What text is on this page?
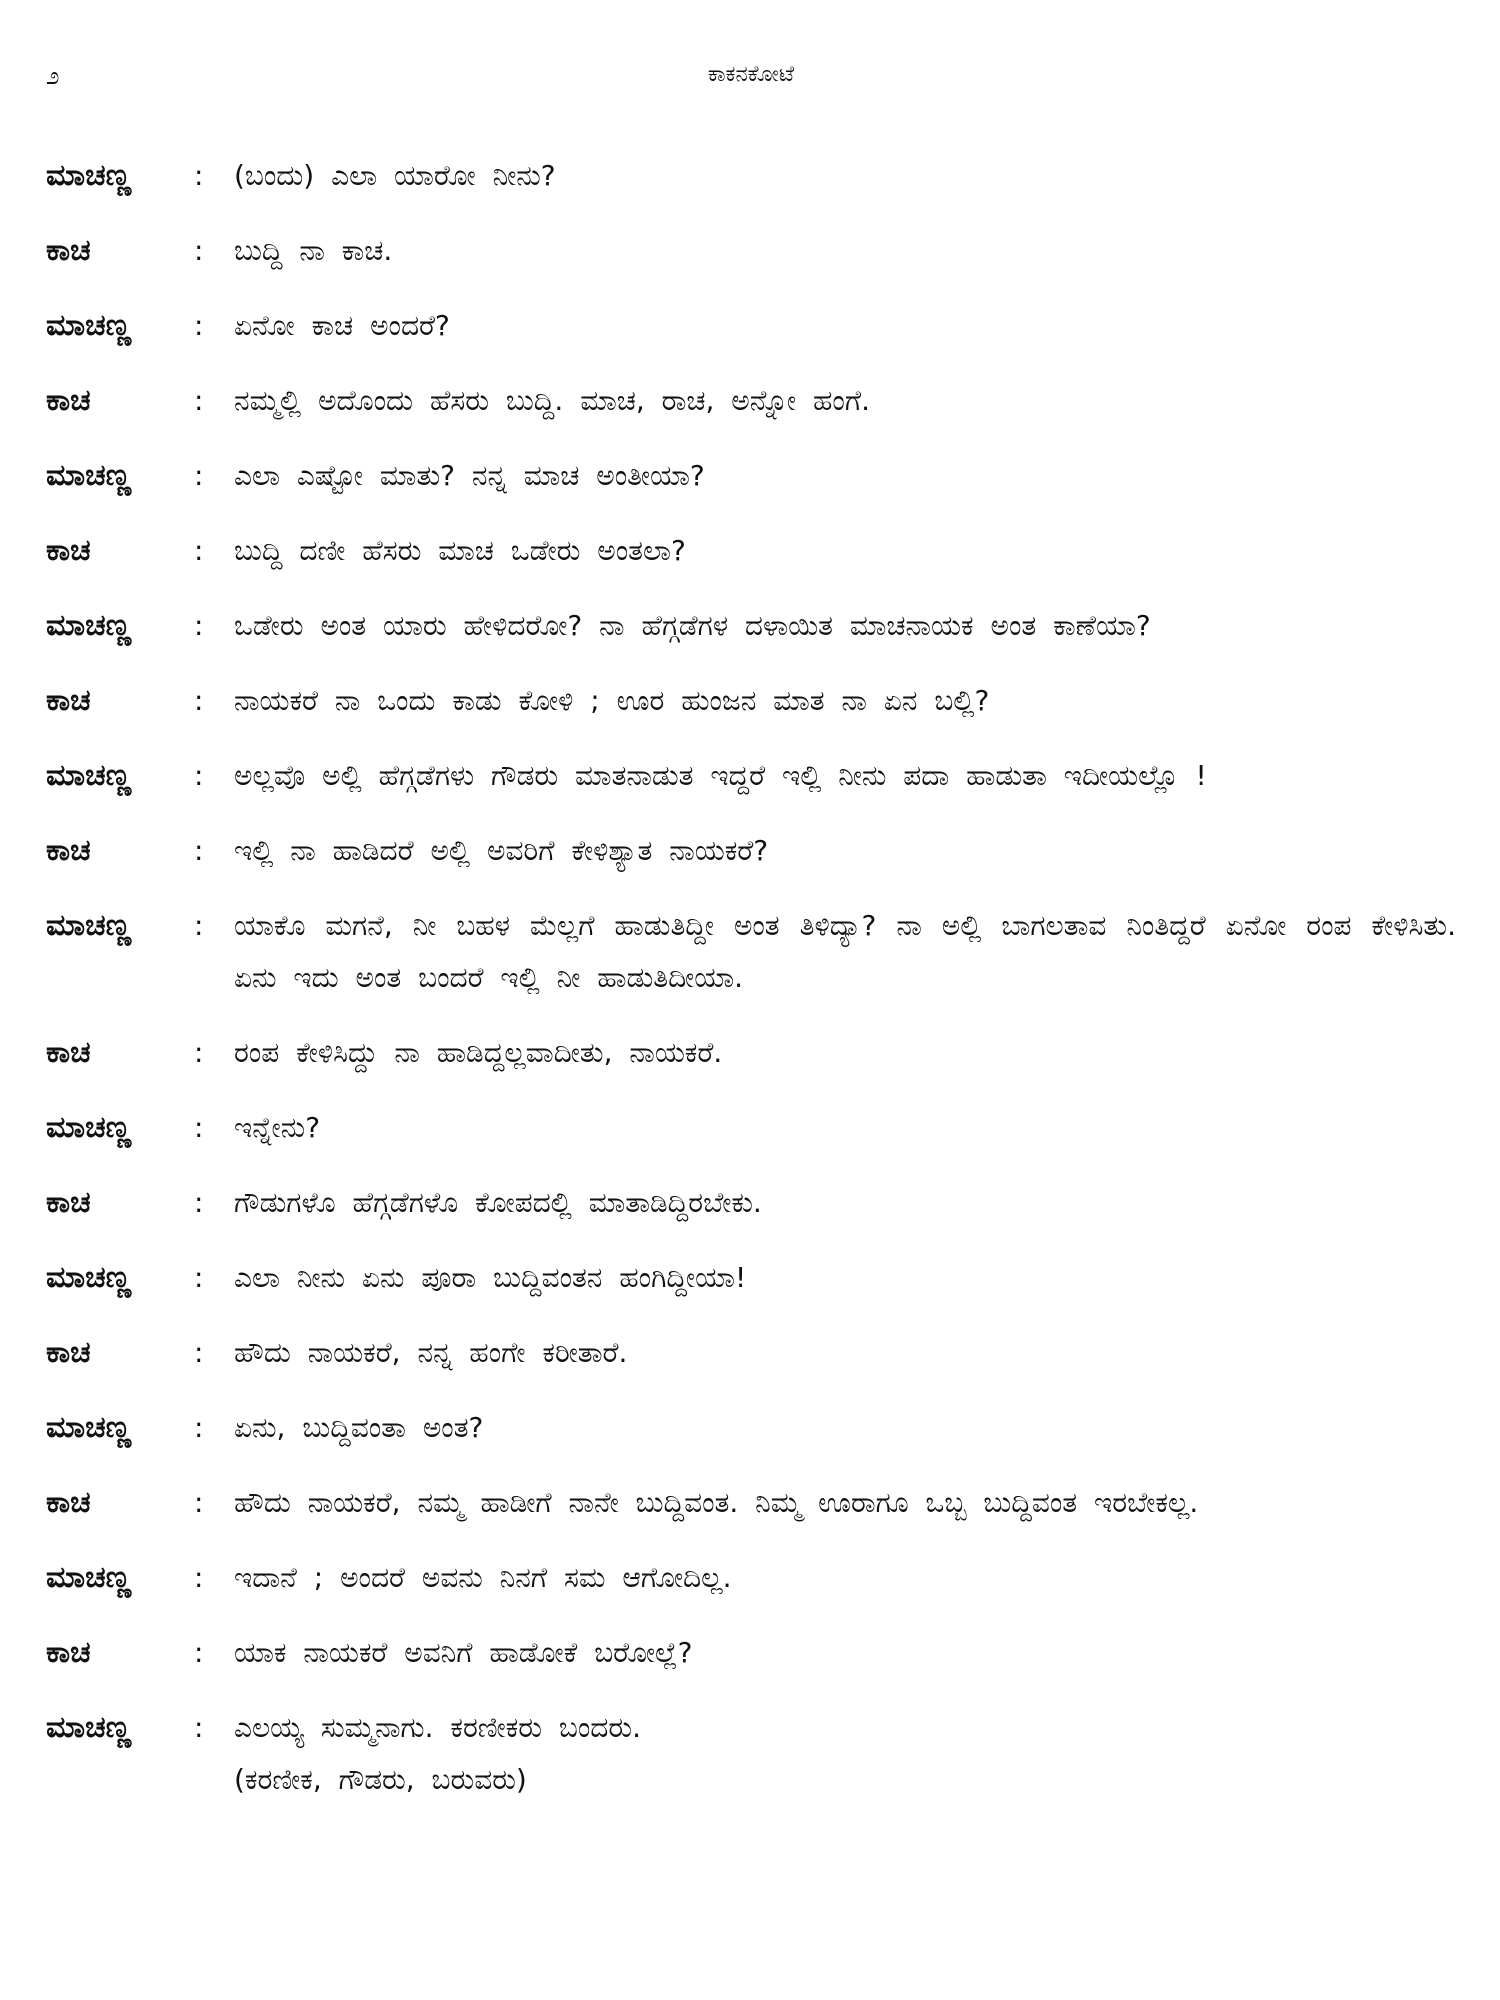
೨	ಕಾಕನಕೋಟೆ
ಮಾಚಣ್ಣ	:	(ಬಂದು) ಎಲಾ ಯಾರೋ ನೀನು?
ಕಾಚ	:	ಬುದ್ದಿ ನಾ ಕಾಚ.
ಮಾಚಣ್ಣ	:	ಏನೋ ಕಾಚ ಅಂದರೆ?
ಕಾಚ	:	ನಮ್ಮಲ್ಲಿ ಅದೊಂದು ಹೆಸರು ಬುದ್ದಿ. ಮಾಚ, ರಾಚ, ಅನ್ನೋ ಹಂಗೆ.
ಮಾಚಣ್ಣ	:	ಎಲಾ ಎಷ್ಟೋ ಮಾತು? ನನ್ನ ಮಾಚ ಅಂತೀಯಾ?
ಕಾಚ	:	ಬುದ್ದಿ ದಣೀ ಹೆಸರು ಮಾಚ ಒಡೇರು ಅಂತಲಾ?
ಮಾಚಣ್ಣ	:	ಒಡೇರು ಅಂತ ಯಾರು ಹೇಳಿದರೋ? ನಾ ಹೆಗ್ಗಡೆಗಳ ದಳಾಯಿತ ಮಾಚನಾಯಕ ಅಂತ ಕಾಣೆಯಾ?
ಕಾಚ	:	ನಾಯಕರೆ ನಾ ಒಂದು ಕಾಡು ಕೋಳಿ ; ಊರ ಹುಂಜನ ಮಾತ ನಾ ಏನ ಬಲ್ಲಿ?
ಮಾಚಣ್ಣ	:	ಅಲ್ಲವೊ ಅಲ್ಲಿ ಹೆಗ್ಗಡೆಗಳು ಗೌಡರು ಮಾತನಾಡುತ ಇದ್ದರೆ ಇಲ್ಲಿ ನೀನು ಪದಾ ಹಾಡುತಾ ಇದೀಯಲ್ಲೊ !
ಕಾಚ	:	ಇಲ್ಲಿ ನಾ ಹಾಡಿದರೆ ಅಲ್ಲಿ ಅವರಿಗೆ ಕೇಳಿಶ್ಯಾತ ನಾಯಕರೆ?
ಮಾಚಣ್ಣ	:	ಯಾಕೊ ಮಗನೆ, ನೀ ಬಹಳ ಮೆಲ್ಲಗೆ ಹಾಡುತಿದ್ದೀ ಅಂತ ತಿಳಿದ್ಯಾ? ನಾ ಅಲ್ಲಿ ಬಾಗಲತಾವ ನಿಂತಿದ್ದರೆ ಏನೋ ರಂಪ ಕೇಳಿಸಿತು. ಏನು ಇದು ಅಂತ ಬಂದರೆ ಇಲ್ಲಿ ನೀ ಹಾಡುತಿದೀಯಾ.
ಕಾಚ	:	ರಂಪ ಕೇಳಿಸಿದ್ದು ನಾ ಹಾಡಿದ್ದಲ್ಲವಾದೀತು, ನಾಯಕರೆ.
ಮಾಚಣ್ಣ	:	ಇನ್ನೇನು?
ಕಾಚ	:	ಗೌಡುಗಳೊ ಹೆಗ್ಗಡೆಗಳೊ ಕೋಪದಲ್ಲಿ ಮಾತಾಡಿದ್ದಿರಬೇಕು.
ಮಾಚಣ್ಣ	:	ಎಲಾ ನೀನು ಏನು ಪೂರಾ ಬುದ್ದಿವಂತನ ಹಂಗಿದ್ದೀಯಾ!
ಕಾಚ	:	ಹೌದು ನಾಯಕರೆ, ನನ್ನ ಹಂಗೇ ಕರೀತಾರೆ.
ಮಾಚಣ್ಣ	:	ಏನು, ಬುದ್ದಿವಂತಾ ಅಂತ?
ಕಾಚ	:	ಹೌದು ನಾಯಕರೆ, ನಮ್ಮ ಹಾಡೀಗೆ ನಾನೇ ಬುದ್ದಿವಂತ. ನಿಮ್ಮ ಊರಾಗೂ ಒಬ್ಬ ಬುದ್ದಿವಂತ ಇರಬೇಕಲ್ಲ.
ಮಾಚಣ್ಣ	:	ಇದಾನೆ ; ಅಂದರೆ ಅವನು ನಿನಗೆ ಸಮ ಆಗೋದಿಲ್ಲ.
ಕಾಚ	:	ಯಾಕ ನಾಯಕರೆ ಅವನಿಗೆ ಹಾಡೋಕೆ ಬರೋಲ್ಲೆ?
ಮಾಚಣ್ಣ	:	ಎಲಯ್ಯ ಸುಮ್ಮನಾಗು. ಕರಣೀಕರು ಬಂದರು.
(ಕರಣೀಕ, ಗೌಡರು, ಬರುವರು)
